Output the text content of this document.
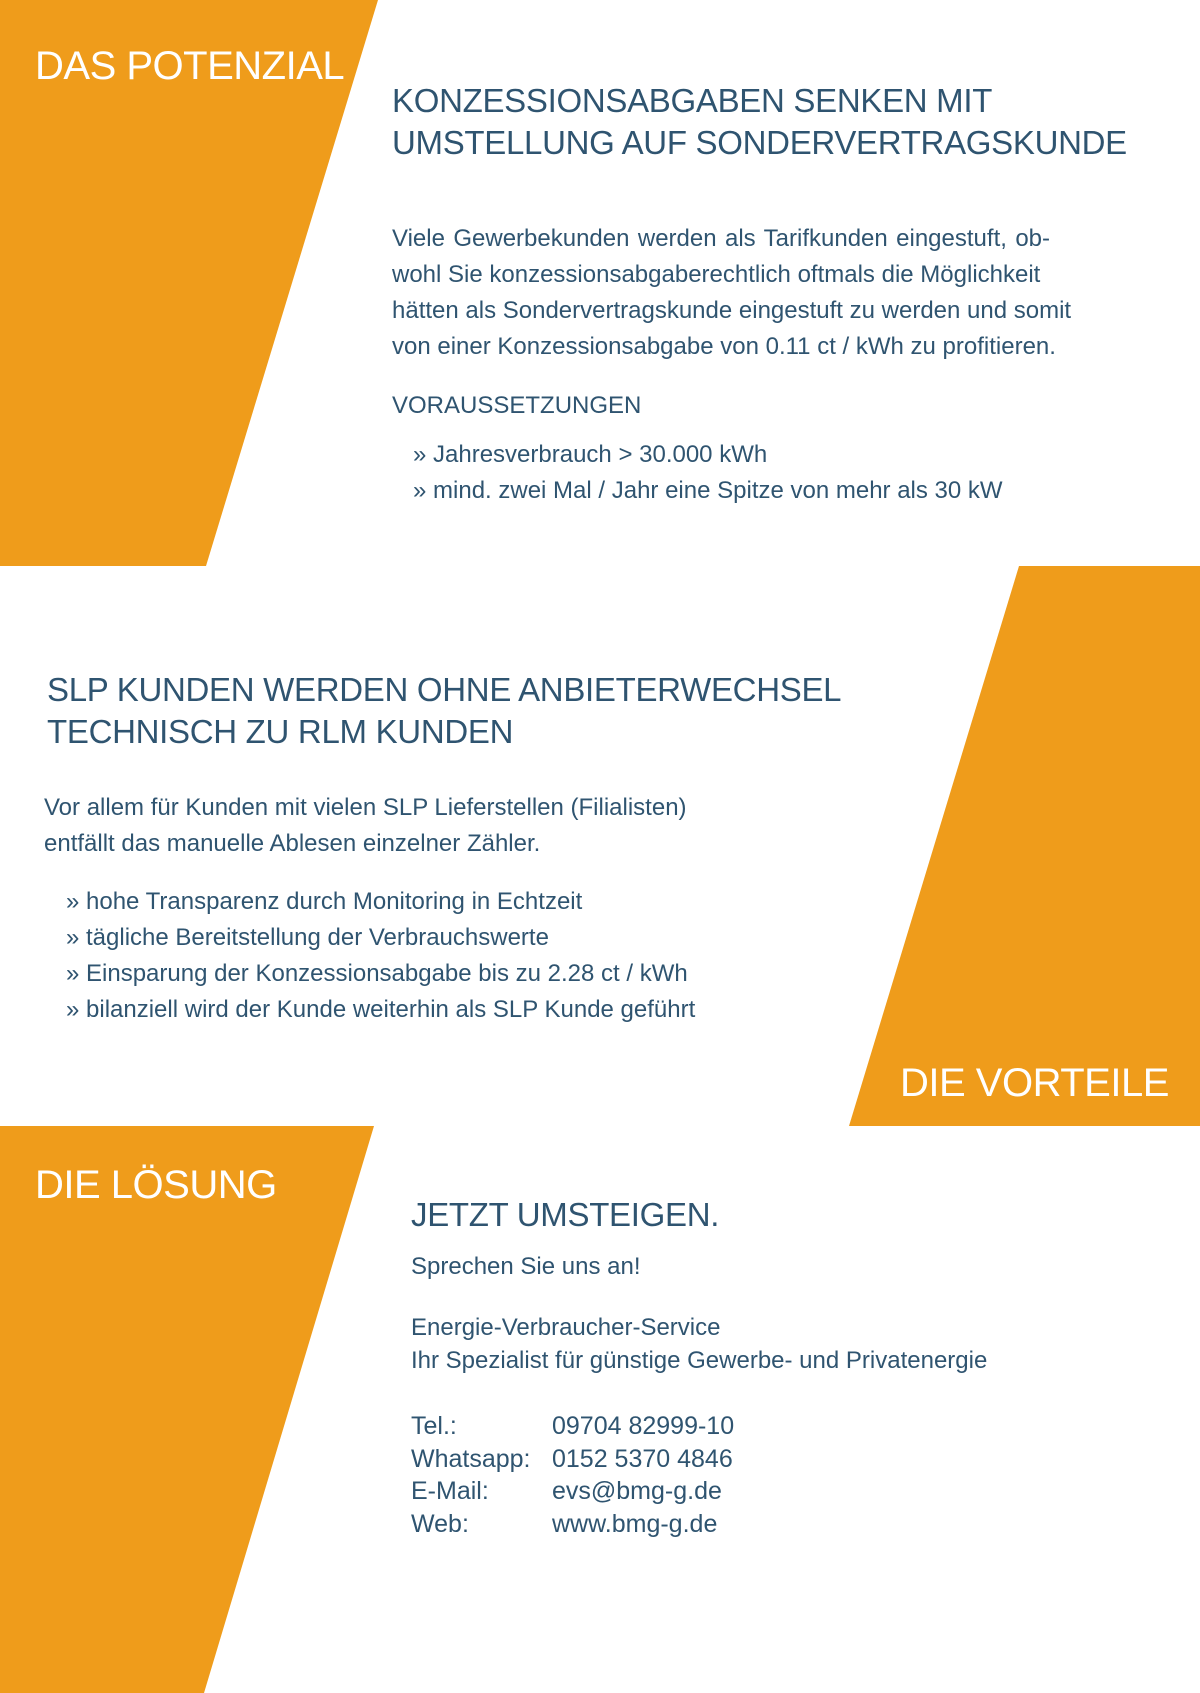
DAS POTENZIAL
KONZESSIONSABGABEN SENKEN MIT
UMSTELLUNG AUF SONDERVERTRAGSKUNDE
Viele Gewerbekunden werden als Tarifkunden eingestuft, ob-
wohl Sie konzessionsabgaberechtlich oftmals die Möglichkeit
hätten als Sondervertragskunde eingestuft zu werden und somit
von einer Konzessionsabgabe von 0.11 ct / kWh zu profitieren.
VORAUSSETZUNGEN
» Jahresverbrauch > 30.000 kWh
» mind. zwei Mal / Jahr eine Spitze von mehr als 30 kW
SLP KUNDEN WERDEN OHNE ANBIETERWECHSEL
TECHNISCH ZU RLM KUNDEN
Vor allem für Kunden mit vielen SLP Lieferstellen (Filialisten)
entfällt das manuelle Ablesen einzelner Zähler.
» hohe Transparenz durch Monitoring in Echtzeit
» tägliche Bereitstellung der Verbrauchswerte
» Einsparung der Konzessionsabgabe bis zu 2.28 ct / kWh
» bilanziell wird der Kunde weiterhin als SLP Kunde geführt
DIE VORTEILE
DIE LÖSUNG
JETZT UMSTEIGEN.
Sprechen Sie uns an!
Energie-Verbraucher-Service
Ihr Spezialist für günstige Gewerbe- und Privatenergie
Tel.:	09704 82999-10
Whatsapp: 0152 5370 4846
E-Mail:	evs@bmg-g.de
Web:	www.bmg-g.de
